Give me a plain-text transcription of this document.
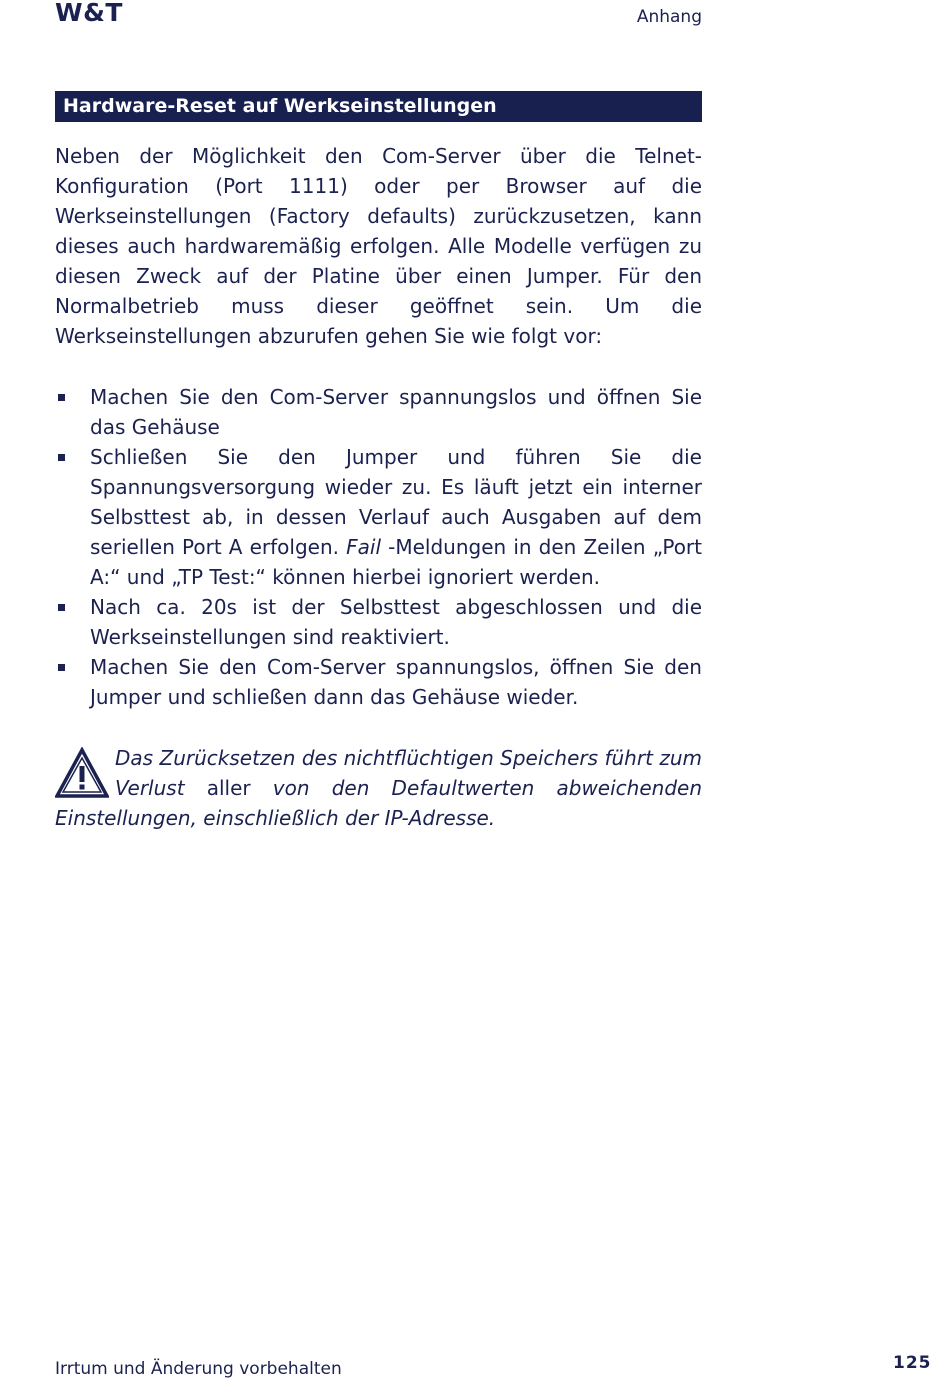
W&T	Anhang
Hardware-Reset auf Werkseinstellungen

Neben der Möglichkeit den Com-Server über die Telnet-Konfiguration (Port 1111) oder per Browser auf die Werkseinstellungen (Factory defaults) zurückzusetzen, kann dieses auch hardwaremäßig erfolgen. Alle Modelle verfügen zu diesen Zweck auf der Platine über einen Jumper. Für den Normalbetrieb muss dieser geöffnet sein. Um die Werkseinstellungen abzurufen gehen Sie wie folgt vor:

Machen Sie den Com-Server spannungslos und öffnen Sie das Gehäuse
Schließen Sie den Jumper und führen Sie die Spannungsversorgung wieder zu. Es läuft jetzt ein interner Selbsttest ab, in dessen Verlauf auch Ausgaben auf dem seriellen Port A erfolgen. Fail -Meldungen in den Zeilen „Port A:“ und „TP Test:“ können hierbei ignoriert werden.
Nach ca. 20s ist der Selbsttest abgeschlossen und die Werkseinstellungen sind reaktiviert.
Machen Sie den Com-Server spannungslos, öffnen Sie den Jumper und schließen dann das Gehäuse wieder.
Das Zurücksetzen des nichtflüchtigen Speichers führt zum Verlust aller von den Defaultwerten abweichenden Einstellungen, einschließlich der IP-Adresse.
Irrtum und Änderung vorbehalten	125
